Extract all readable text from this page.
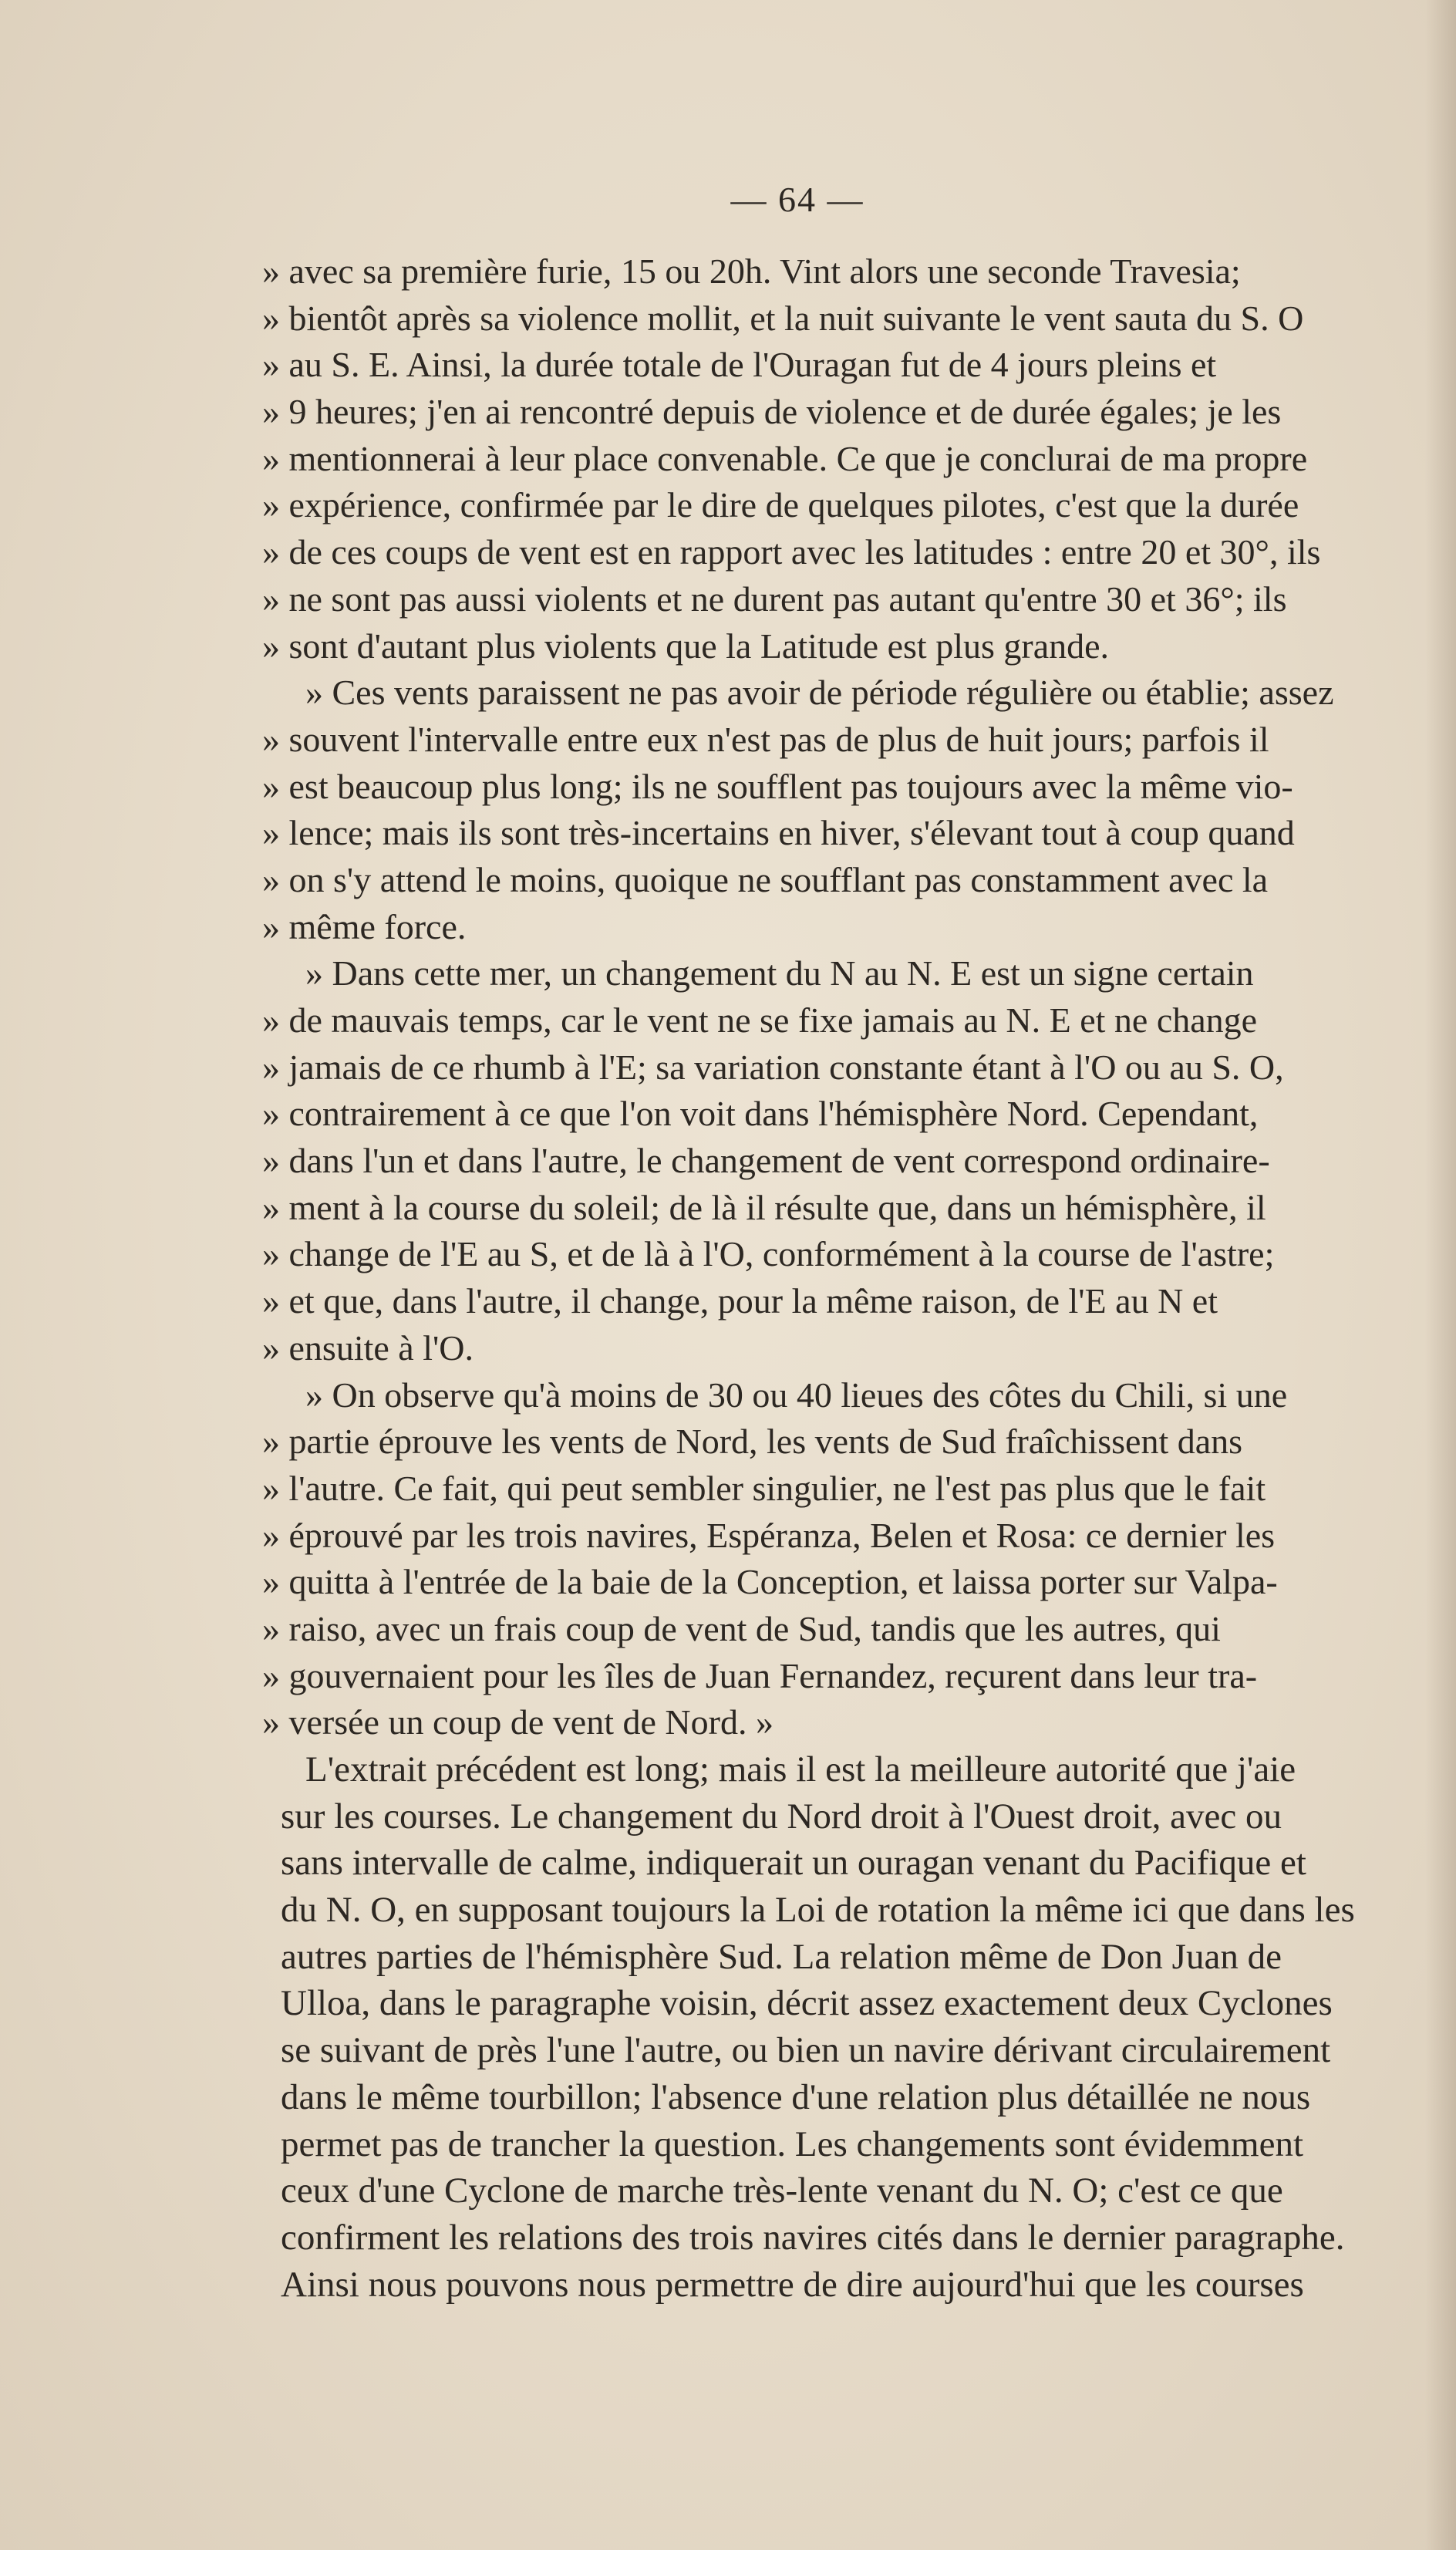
— 64 —
» avec sa première furie, 15 ou 20h. Vint alors une seconde Travesia;
» bientôt après sa violence mollit, et la nuit suivante le vent sauta du S. O
» au S. E. Ainsi, la durée totale de l'Ouragan fut de 4 jours pleins et
» 9 heures; j'en ai rencontré depuis de violence et de durée égales; je les
» mentionnerai à leur place convenable. Ce que je conclurai de ma propre
» expérience, confirmée par le dire de quelques pilotes, c'est que la durée
» de ces coups de vent est en rapport avec les latitudes : entre 20 et 30°, ils
» ne sont pas aussi violents et ne durent pas autant qu'entre 30 et 36°; ils
» sont d'autant plus violents que la Latitude est plus grande.
» Ces vents paraissent ne pas avoir de période régulière ou établie; assez
» souvent l'intervalle entre eux n'est pas de plus de huit jours; parfois il
» est beaucoup plus long; ils ne soufflent pas toujours avec la même vio-
» lence; mais ils sont très-incertains en hiver, s'élevant tout à coup quand
» on s'y attend le moins, quoique ne soufflant pas constamment avec la
» même force.
» Dans cette mer, un changement du N au N. E est un signe certain
» de mauvais temps, car le vent ne se fixe jamais au N. E et ne change
» jamais de ce rhumb à l'E; sa variation constante étant à l'O ou au S. O,
» contrairement à ce que l'on voit dans l'hémisphère Nord. Cependant,
» dans l'un et dans l'autre, le changement de vent correspond ordinaire-
» ment à la course du soleil; de là il résulte que, dans un hémisphère, il
» change de l'E au S, et de là à l'O, conformément à la course de l'astre;
» et que, dans l'autre, il change, pour la même raison, de l'E au N et
» ensuite à l'O.
» On observe qu'à moins de 30 ou 40 lieues des côtes du Chili, si une
» partie éprouve les vents de Nord, les vents de Sud fraîchissent dans
» l'autre. Ce fait, qui peut sembler singulier, ne l'est pas plus que le fait
» éprouvé par les trois navires, Espéranza, Belen et Rosa: ce dernier les
» quitta à l'entrée de la baie de la Conception, et laissa porter sur Valpa-
» raiso, avec un frais coup de vent de Sud, tandis que les autres, qui
» gouvernaient pour les îles de Juan Fernandez, reçurent dans leur tra-
» versée un coup de vent de Nord. »
L'extrait précédent est long; mais il est la meilleure autorité que j'aie
sur les courses. Le changement du Nord droit à l'Ouest droit, avec ou
sans intervalle de calme, indiquerait un ouragan venant du Pacifique et
du N. O, en supposant toujours la Loi de rotation la même ici que dans les
autres parties de l'hémisphère Sud. La relation même de Don Juan de
Ulloa, dans le paragraphe voisin, décrit assez exactement deux Cyclones
se suivant de près l'une l'autre, ou bien un navire dérivant circulairement
dans le même tourbillon; l'absence d'une relation plus détaillée ne nous
permet pas de trancher la question. Les changements sont évidemment
ceux d'une Cyclone de marche très-lente venant du N. O; c'est ce que
confirment les relations des trois navires cités dans le dernier paragraphe.
Ainsi nous pouvons nous permettre de dire aujourd'hui que les courses
